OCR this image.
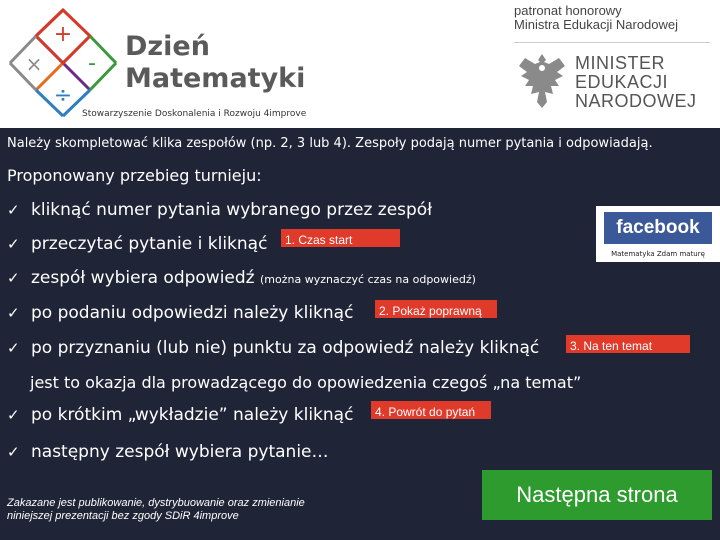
+
-
×
÷
Dzień
Matematyki
Stowarzyszenie Doskonalenia i Rozwoju 4improve
patronat honorowy
Ministra Edukacji Narodowej
MINISTER
EDUKACJI
NARODOWEJ
Należy skompletować klika zespołów (np. 2, 3 lub 4). Zespoły podają numer pytania i odpowiadają.
Proponowany przebieg turnieju:
✓ kliknąć numer pytania wybranego przez zespół
✓ przeczytać pytanie i kliknąć	1. Czas start
✓ zespół wybiera odpowiedź (można wyznaczyć czas na odpowiedź)
✓ po podaniu odpowiedzi należy kliknąć	2. Pokaż poprawną
✓ po przyznaniu (lub nie) punktu za odpowiedź należy kliknąć	3. Na ten temat
jest to okazja dla prowadzącego do opowiedzenia czegoś „na temat”
✓ po krótkim „wykładzie” należy kliknąć	4. Powrót do pytań
✓ następny zespół wybiera pytanie…
facebook
Matematyka Zdam maturę
Zakazane jest publikowanie, dystrybuowanie oraz zmienianie
niniejszej prezentacji bez zgody SDiR 4improve
Następna strona
